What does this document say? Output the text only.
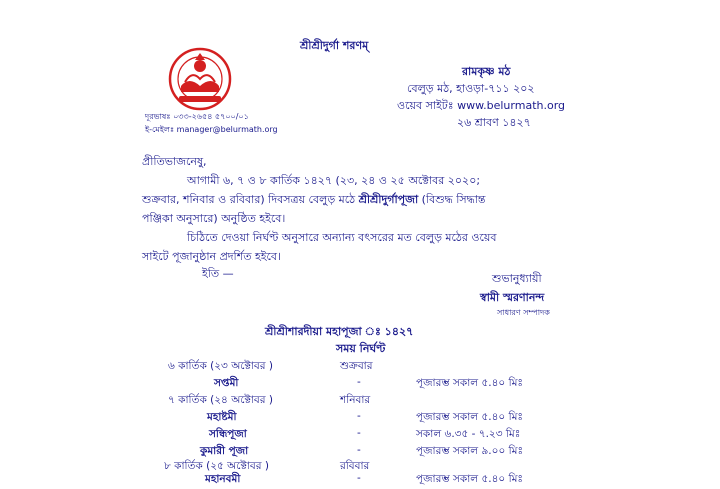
শ্রীশ্রীদুর্গা শরণম্
রামকৃষ্ণ মঠ
বেলুড় মঠ, হাওড়া-৭১১ ২০২
ওয়েব সাইটঃ www.belurmath.org
২৬ শ্রাবণ ১৪২৭
দূরভাষঃ ০৩৩-২৬৫৪ ৫৭০০/০১
ই-মেইলঃ manager@belurmath.org
প্রীতিভাজনেষু,
আগামী ৬, ৭ ও ৮ কার্তিক ১৪২৭ (২৩, ২৪ ও ২৫ অক্টোবর ২০২০;
শুক্রবার, শনিবার ও রবিবার) দিবসত্রয় বেলুড় মঠে শ্রীশ্রীদুর্গাপূজা (বিশুদ্ধ সিদ্ধান্ত
পঞ্জিকা অনুসারে) অনুষ্ঠিত হইবে।
চিঠিতে দেওয়া নির্ঘণ্ট অনুসারে অন্যান্য বৎসরের মত বেলুড় মঠের ওয়েব
সাইটে পূজানুষ্ঠান প্রদর্শিত হইবে।
ইতি —	শুভানুধ্যায়ী
স্বামী স্মরণানন্দ
সাধারণ সম্পাদক
শ্রীশ্রীশারদীয়া মহাপূজা ঃ ১৪২৭
সময় নির্ঘণ্ট
৬ কার্তিক (২৩ অক্টোবর )	শুক্রবার
সপ্তমী	-	পূজারম্ভ সকাল ৫.৪০ মিঃ
৭ কার্তিক (২৪ অক্টোবর )	শনিবার
মহাষ্টমী	-	পূজারম্ভ সকাল ৫.৪০ মিঃ
সন্ধিপূজা	-	সকাল ৬.৩৫ - ৭.২৩ মিঃ
কুমারী পূজা	-	পূজারম্ভ সকাল ৯.০০ মিঃ
৮ কার্তিক (২৫ অক্টোবর )	রবিবার
মহানবমী	-	পূজারম্ভ সকাল ৫.৪০ মিঃ
